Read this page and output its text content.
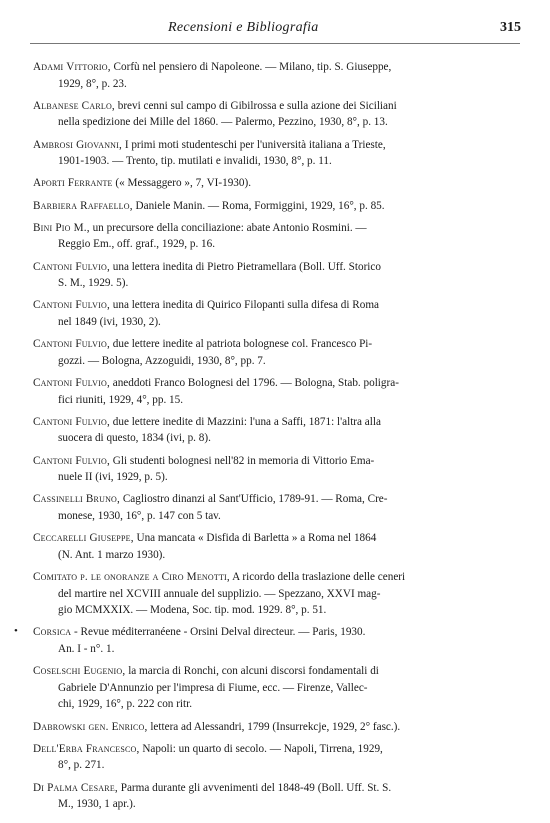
Recensioni e Bibliografia	315
Adami Vittorio, Corfù nel pensiero di Napoleone. — Milano, tip. S. Giuseppe,
1929, 8°, p. 23.
Albanese Carlo, brevi cenni sul campo di Gibilrossa e sulla azione dei Siciliani
nella spedizione dei Mille del 1860. — Palermo, Pezzino, 1930, 8°, p. 13.
Ambrosi Giovanni, I primi moti studenteschi per l'università italiana a Trieste,
1901-1903. — Trento, tip. mutilati e invalidi, 1930, 8°, p. 11.
Aporti Ferrante (« Messaggero », 7, VI-1930).
Barbiera Raffaello, Daniele Manin. — Roma, Formiggini, 1929, 16°, p. 85.
Bini Pio M., un precursore della conciliazione: abate Antonio Rosmini. —
Reggio Em., off. graf., 1929, p. 16.
Cantoni Fulvio, una lettera inedita di Pietro Pietramellara (Boll. Uff. Storico
S. M., 1929. 5).
Cantoni Fulvio, una lettera inedita di Quirico Filopanti sulla difesa di Roma
nel 1849 (ivi, 1930, 2).
Cantoni Fulvio, due lettere inedite al patriota bolognese col. Francesco Pi-
gozzi. — Bologna, Azzoguidi, 1930, 8°, pp. 7.
Cantoni Fulvio, aneddoti Franco Bolognesi del 1796. — Bologna, Stab. poligra-
fici riuniti, 1929, 4°, pp. 15.
Cantoni Fulvio, due lettere inedite di Mazzini: l'una a Saffi, 1871: l'altra alla
suocera di questo, 1834 (ivi, p. 8).
Cantoni Fulvio, Gli studenti bolognesi nell'82 in memoria di Vittorio Ema-
nuele II (ivi, 1929, p. 5).
Cassinelli Bruno, Cagliostro dinanzi al Sant'Ufficio, 1789-91. — Roma, Cre-
monese, 1930, 16°, p. 147 con 5 tav.
Ceccarelli Giuseppe, Una mancata « Disfida di Barletta » a Roma nel 1864
(N. Ant. 1 marzo 1930).
Comitato p. le onoranze a Ciro Menotti, A ricordo della traslazione delle ceneri
del martire nel XCVIII annuale del supplizio. — Spezzano, XXVI mag-
gio MCMXXIX. — Modena, Soc. tip. mod. 1929. 8°, p. 51.
• Corsica - Revue méditerranéene - Orsini Delval directeur. — Paris, 1930.
An. I - n°. 1.
Coselschi Eugenio, la marcia di Ronchi, con alcuni discorsi fondamentali di
Gabriele D'Annunzio per l'impresa di Fiume, ecc. — Firenze, Vallec-
chi, 1929, 16°, p. 222 con ritr.
Dabrowski gen. Enrico, lettera ad Alessandri, 1799 (Insurrekcje, 1929, 2° fasc.).
Dell'Erba Francesco, Napoli: un quarto di secolo. — Napoli, Tirrena, 1929,
8°, p. 271.
Di Palma Cesare, Parma durante gli avvenimenti del 1848-49 (Boll. Uff. St. S.
M., 1930, 1 apr.).
